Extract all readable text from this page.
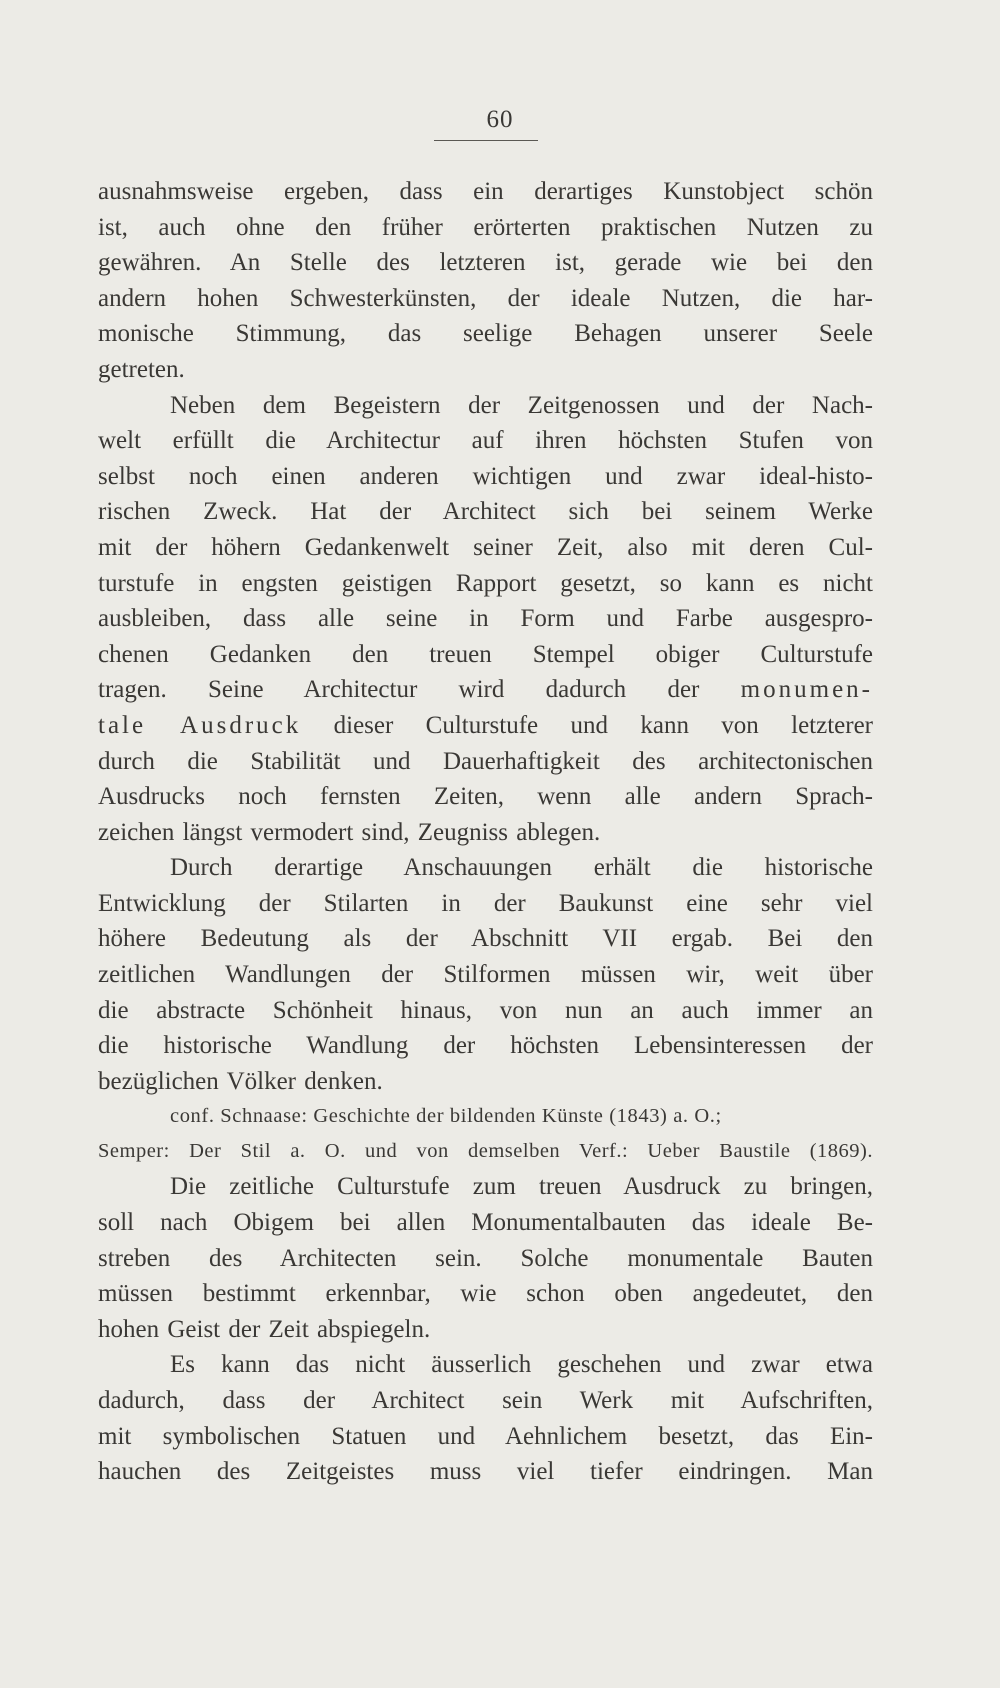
60
ausnahmsweise ergeben, dass ein derartiges Kunstobject schön
ist, auch ohne den früher erörterten praktischen Nutzen zu
gewähren. An Stelle des letzteren ist, gerade wie bei den
andern hohen Schwesterkünsten, der ideale Nutzen, die har-
monische Stimmung, das seelige Behagen unserer Seele
getreten.
Neben dem Begeistern der Zeitgenossen und der Nach-
welt erfüllt die Architectur auf ihren höchsten Stufen von
selbst noch einen anderen wichtigen und zwar ideal-histo-
rischen Zweck. Hat der Architect sich bei seinem Werke
mit der höhern Gedankenwelt seiner Zeit, also mit deren Cul-
turstufe in engsten geistigen Rapport gesetzt, so kann es nicht
ausbleiben, dass alle seine in Form und Farbe ausgespro-
chenen Gedanken den treuen Stempel obiger Culturstufe
tragen. Seine Architectur wird dadurch der monumen-
tale Ausdruck dieser Culturstufe und kann von letzterer
durch die Stabilität und Dauerhaftigkeit des architectonischen
Ausdrucks noch fernsten Zeiten, wenn alle andern Sprach-
zeichen längst vermodert sind, Zeugniss ablegen.
Durch derartige Anschauungen erhält die historische
Entwicklung der Stilarten in der Baukunst eine sehr viel
höhere Bedeutung als der Abschnitt VII ergab. Bei den
zeitlichen Wandlungen der Stilformen müssen wir, weit über
die abstracte Schönheit hinaus, von nun an auch immer an
die historische Wandlung der höchsten Lebensinteressen der
bezüglichen Völker denken.
conf. Schnaase: Geschichte der bildenden Künste (1843) a. O.;
Semper: Der Stil a. O. und von demselben Verf.: Ueber Baustile (1869).
Die zeitliche Culturstufe zum treuen Ausdruck zu bringen,
soll nach Obigem bei allen Monumentalbauten das ideale Be-
streben des Architecten sein. Solche monumentale Bauten
müssen bestimmt erkennbar, wie schon oben angedeutet, den
hohen Geist der Zeit abspiegeln.
Es kann das nicht äusserlich geschehen und zwar etwa
dadurch, dass der Architect sein Werk mit Aufschriften,
mit symbolischen Statuen und Aehnlichem besetzt, das Ein-
hauchen des Zeitgeistes muss viel tiefer eindringen. Man
